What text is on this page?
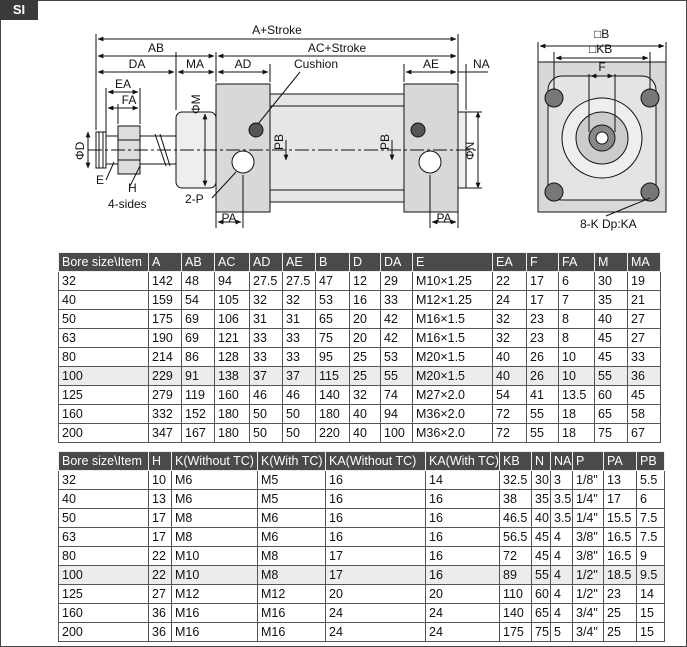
SI
A+Stroke
AB	AC+Stroke
DA	MA	AD	Cushion	AE	NA
EA
FA	ΦM
ΦD	ΦN
PB	PB
E
H
4-sides	2-P
PA	PA
□B
□KB
F
8-K Dp:KA
Bore size\Item	A	AB	AC	AD	AE	B	D	DA	E	EA	F	FA	M	MA
32	142	48	94	27.5	27.5	47	12	29	M10×1.25	22	17	6	30	19
40	159	54	105	32	32	53	16	33	M12×1.25	24	17	7	35	21
50	175	69	106	31	31	65	20	42	M16×1.5	32	23	8	40	27
63	190	69	121	33	33	75	20	42	M16×1.5	32	23	8	45	27
80	214	86	128	33	33	95	25	53	M20×1.5	40	26	10	45	33
100	229	91	138	37	37	115	25	55	M20×1.5	40	26	10	55	36
125	279	119	160	46	46	140	32	74	M27×2.0	54	41	13.5	60	45
160	332	152	180	50	50	180	40	94	M36×2.0	72	55	18	65	58
200	347	167	180	50	50	220	40	100	M36×2.0	72	55	18	75	67
Bore size\Item	H	K(Without TC)	K(With TC)	KA(Without TC)	KA(With TC)	KB	N	NA	P	PA	PB
32	10	M6	M5	16	14	32.5	30	3	1/8"	13	5.5
40	13	M6	M5	16	16	38	35	3.5	1/4"	17	6
50	17	M8	M6	16	16	46.5	40	3.5	1/4"	15.5	7.5
63	17	M8	M6	16	16	56.5	45	4	3/8"	16.5	7.5
80	22	M10	M8	17	16	72	45	4	3/8"	16.5	9
100	22	M10	M8	17	16	89	55	4	1/2"	18.5	9.5
125	27	M12	M12	20	20	110	60	4	1/2"	23	14
160	36	M16	M16	24	24	140	65	4	3/4"	25	15
200	36	M16	M16	24	24	175	75	5	3/4"	25	15
